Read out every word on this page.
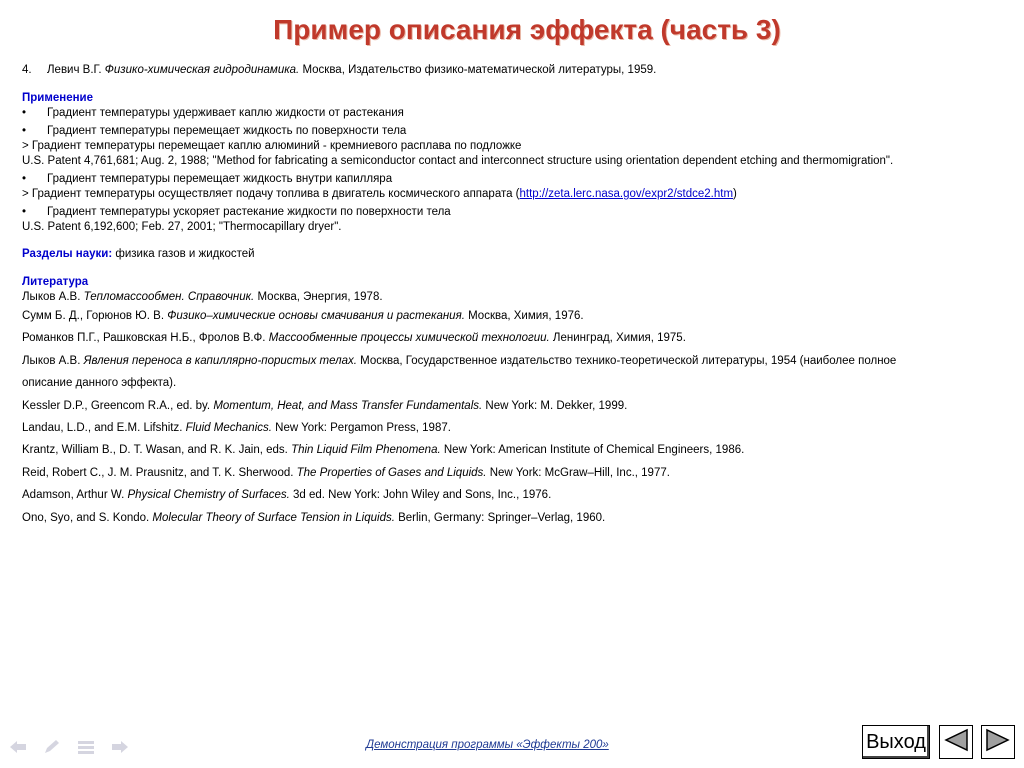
Пример описания эффекта (часть 3)
4. Левич В.Г. Физико-химическая гидродинамика. Москва, Издательство физико-математической литературы, 1959.
Применение
• Градиент температуры удерживает каплю жидкости от растекания
• Градиент температуры перемещает жидкость по поверхности тела
> Градиент температуры перемещает каплю алюминий - кремниевого расплава по подложке
U.S. Patent 4,761,681; Aug. 2, 1988; "Method for fabricating a semiconductor contact and interconnect structure using orientation dependent etching and thermomigration".
• Градиент температуры перемещает жидкость внутри капилляра
> Градиент температуры осуществляет подачу топлива в двигатель космического аппарата (http://zeta.lerc.nasa.gov/expr2/stdce2.htm)
• Градиент температуры ускоряет растекание жидкости по поверхности тела
U.S. Patent 6,192,600; Feb. 27, 2001; "Thermocapillary dryer".
Разделы науки: физика газов и жидкостей
Литература
Лыков А.В. Тепломассообмен. Справочник. Москва, Энергия, 1978.
Сумм Б. Д., Горюнов Ю. В. Физико–химические основы смачивания и растекания. Москва, Химия, 1976.
Романков П.Г., Рашковская Н.Б., Фролов В.Ф. Массообменные процессы химической технологии. Ленинград, Химия, 1975.
Лыков А.В. Явления переноса в капиллярно-пористых телах. Москва, Государственное издательство технико-теоретической литературы, 1954 (наиболее полное
описание данного эффекта).
Kessler D.P., Greencom R.A., ed. by. Momentum, Heat, and Mass Transfer Fundamentals. New York: M. Dekker, 1999.
Landau, L.D., and E.M. Lifshitz. Fluid Mechanics. New York: Pergamon Press, 1987.
Krantz, William B., D. T. Wasan, and R. K. Jain, eds. Thin Liquid Film Phenomena. New York: American Institute of Chemical Engineers, 1986.
Reid, Robert C., J. M. Prausnitz, and T. K. Sherwood. The Properties of Gases and Liquids. New York: McGraw–Hill, Inc., 1977.
Adamson, Arthur W. Physical Chemistry of Surfaces. 3d ed. New York: John Wiley and Sons, Inc., 1976.
Ono, Syo, and S. Kondo. Molecular Theory of Surface Tension in Liquids. Berlin, Germany: Springer–Verlag, 1960.
Демонстрация программы «Эффекты 200»	Выход
